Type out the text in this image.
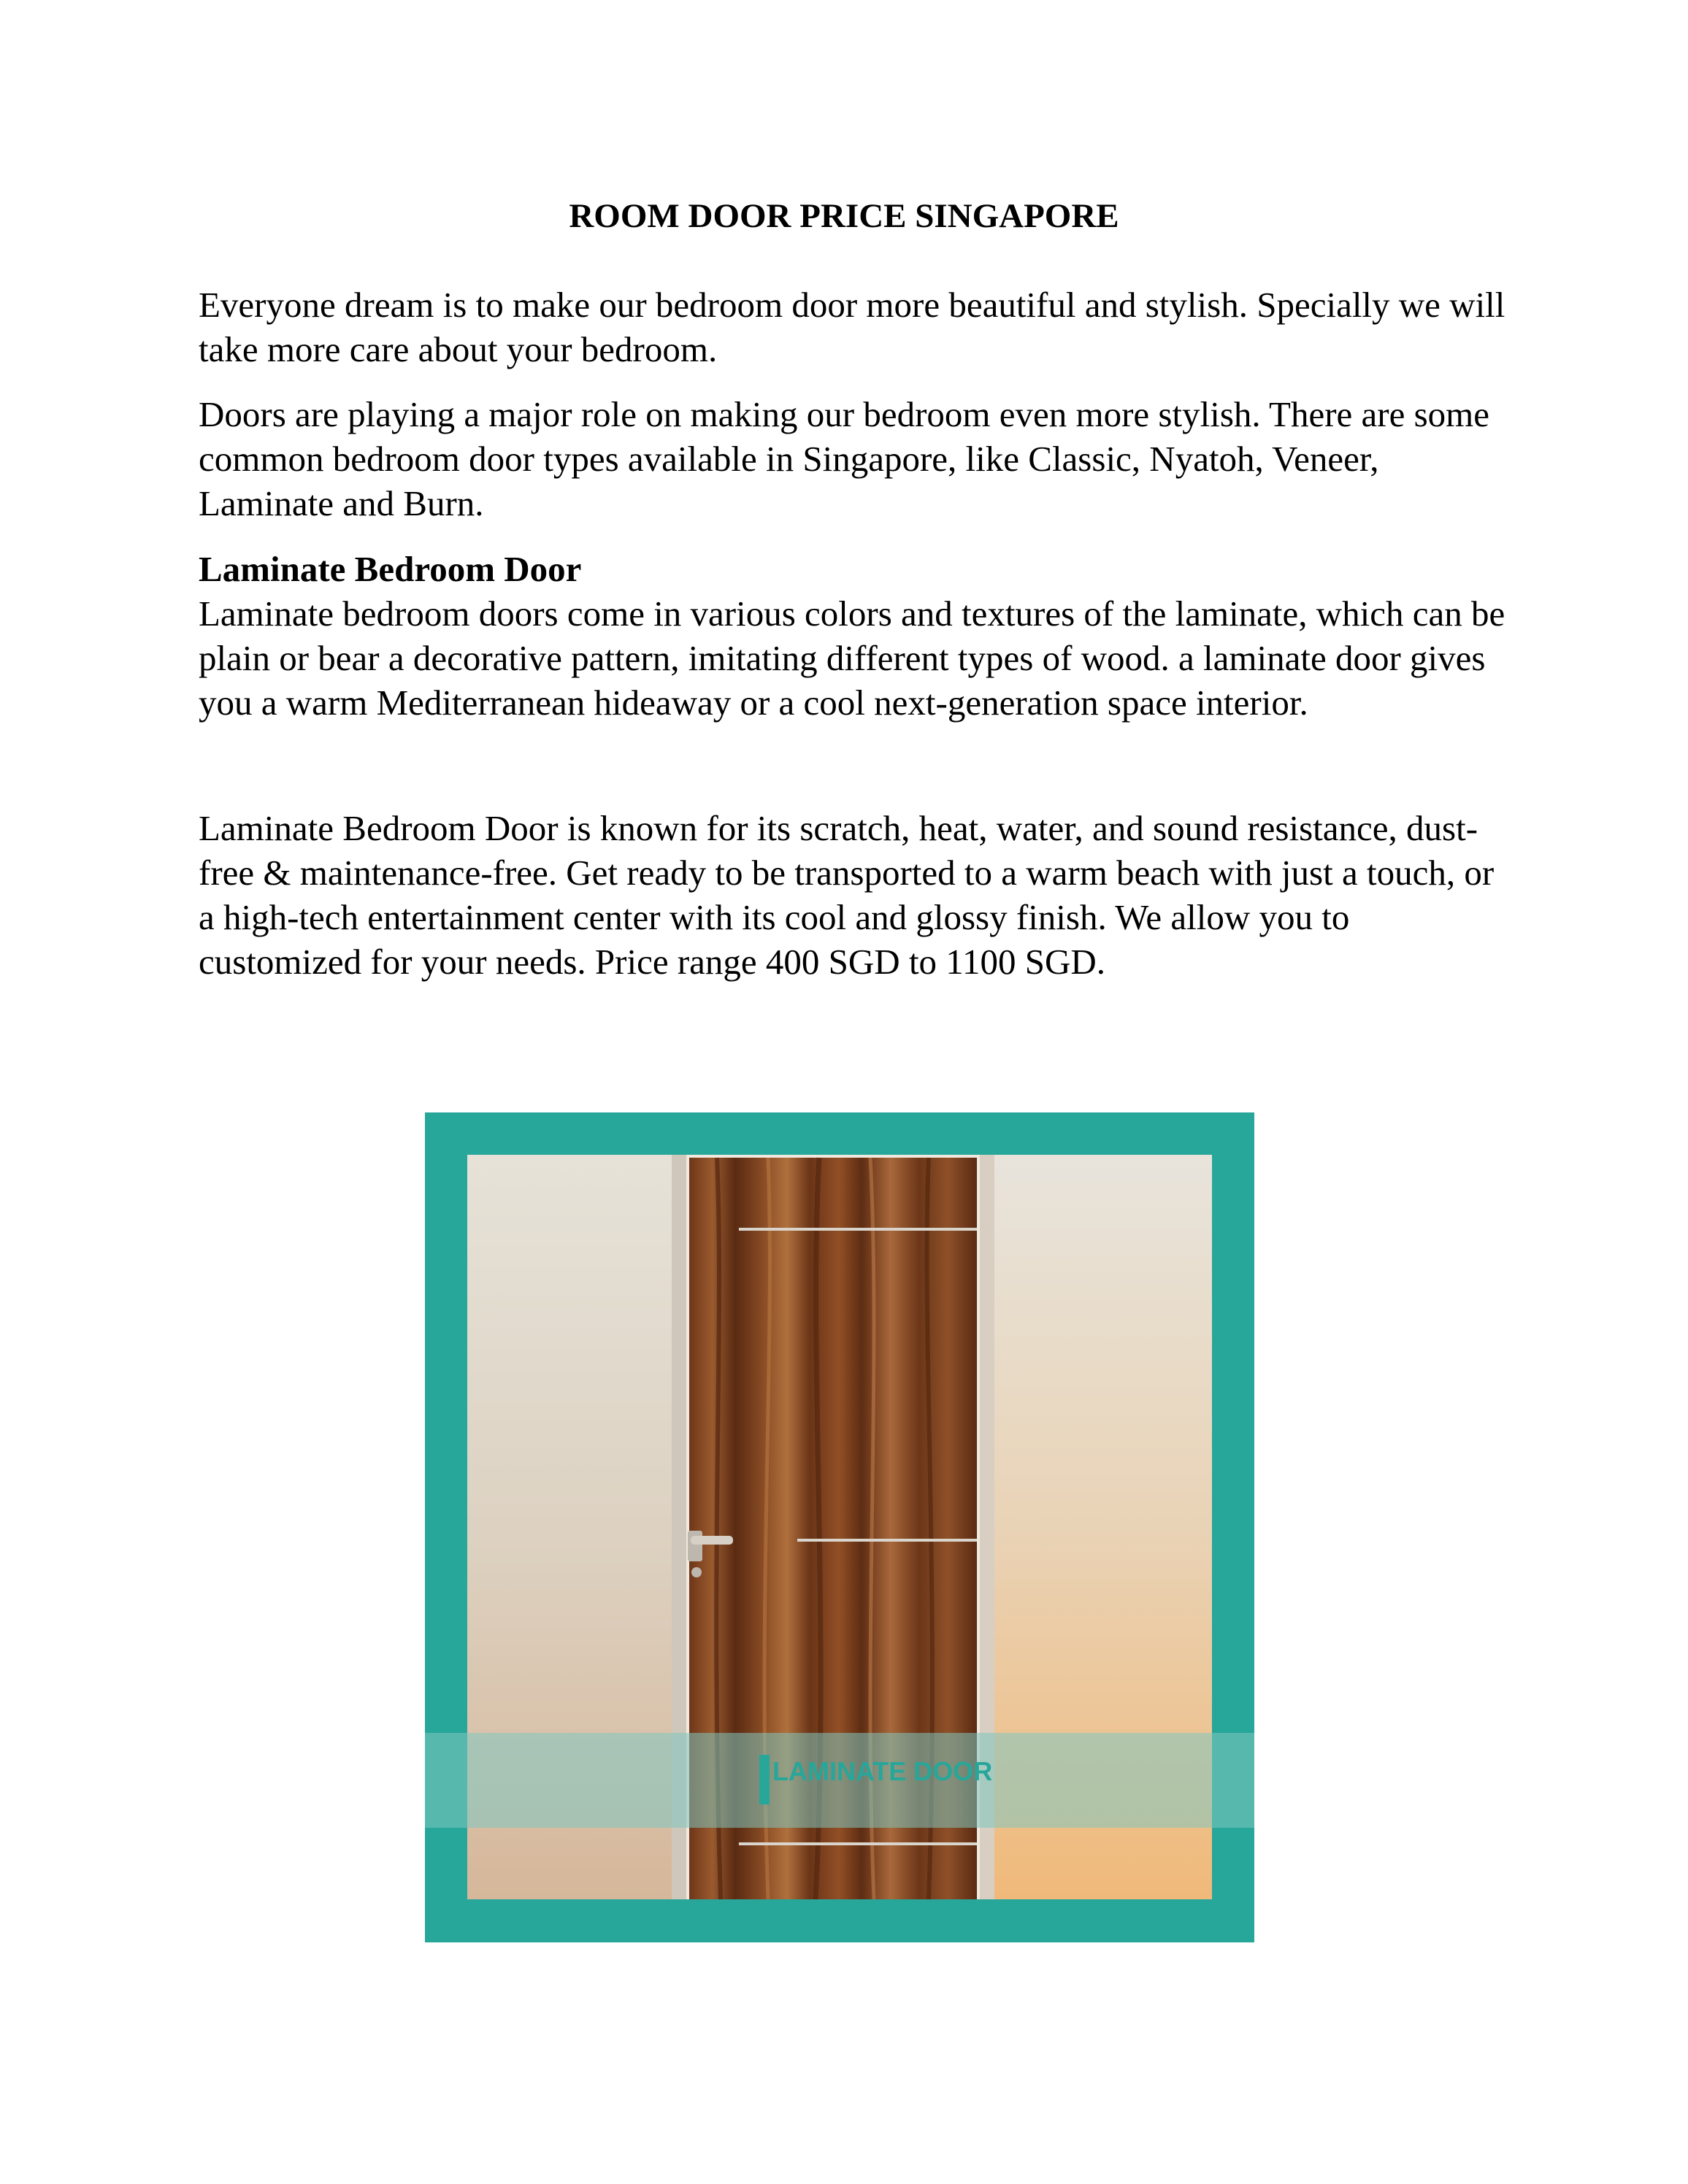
ROOM DOOR PRICE SINGAPORE

Everyone dream is to make our bedroom door more beautiful and stylish. Specially we will take more care about your bedroom.

Doors are playing a major role on making our bedroom even more stylish. There are some common bedroom door types available in Singapore, like Classic, Nyatoh, Veneer, Laminate and Burn.

Laminate Bedroom Door
Laminate bedroom doors come in various colors and textures of the laminate, which can be plain or bear a decorative pattern, imitating different types of wood. a laminate door gives you a warm Mediterranean hideaway or a cool next-generation space interior.

Laminate Bedroom Door is known for its scratch, heat, water, and sound resistance, dust-free & maintenance-free. Get ready to be transported to a warm beach with just a touch, or a high-tech entertainment center with its cool and glossy finish. We allow you to customized for your needs. Price range 400 SGD to 1100 SGD.

LAMINATE DOOR
